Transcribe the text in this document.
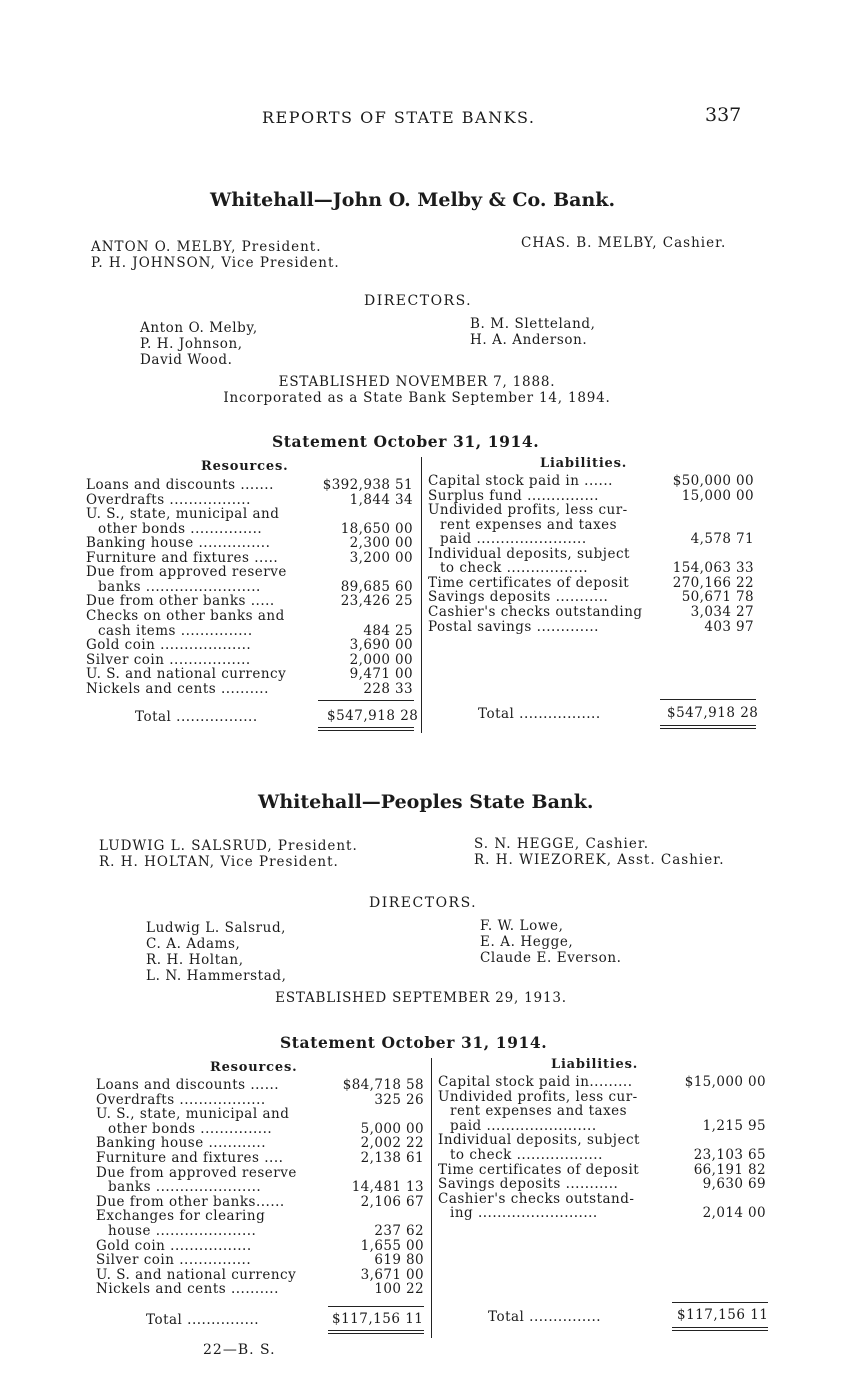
REPORTS OF STATE BANKS.	337
Whitehall—John O. Melby & Co. Bank.
ANTON O. MELBY, President.
P. H. JOHNSON, Vice President.
CHAS. B. MELBY, Cashier.
DIRECTORS.
Anton O. Melby,
P. H. Johnson,
David Wood.
B. M. Sletteland,
H. A. Anderson.
ESTABLISHED NOVEMBER 7, 1888.
Incorporated as a State Bank September 14, 1894.
Statement October 31, 1914.
Resources.	Liabilities.
Loans and discounts .......	$392,938 51
Overdrafts .................	1,844 34
U. S., state, municipal and
other bonds ...............	18,650 00
Banking house ...............	2,300 00
Furniture and fixtures .....	3,200 00
Due from approved reserve
banks ........................	89,685 60
Due from other banks .....	23,426 25
Checks on other banks and
cash items ...............	484 25
Gold coin ...................	3,690 00
Silver coin .................	2,000 00
U. S. and national currency	9,471 00
Nickels and cents ..........	228 33
Capital stock paid in ......	$50,000 00
Surplus fund ...............	15,000 00
Undivided profits, less cur-
rent expenses and taxes
paid .......................	4,578 71
Individual deposits, subject
to check .................	154,063 33
Time certificates of deposit	270,166 22
Savings deposits ...........	50,671 78
Cashier's checks outstanding	3,034 27
Postal savings .............	403 97
Total .................	$547,918 28	Total .................	$547,918 28
Whitehall—Peoples State Bank.
LUDWIG L. SALSRUD, President.
R. H. HOLTAN, Vice President.
S. N. HEGGE, Cashier.
R. H. WIEZOREK, Asst. Cashier.
DIRECTORS.
Ludwig L. Salsrud,
C. A. Adams,
R. H. Holtan,
L. N. Hammerstad,
F. W. Lowe,
E. A. Hegge,
Claude E. Everson.
ESTABLISHED SEPTEMBER 29, 1913.
Statement October 31, 1914.
Resources.	Liabilities.
Loans and discounts ......	$84,718 58
Overdrafts ..................	325 26
U. S., state, municipal and
other bonds ...............	5,000 00
Banking house ............	2,002 22
Furniture and fixtures ....	2,138 61
Due from approved reserve
banks ......................	14,481 13
Due from other banks......	2,106 67
Exchanges for clearing
house .....................	237 62
Gold coin .................	1,655 00
Silver coin ...............	619 80
U. S. and national currency	3,671 00
Nickels and cents ..........	100 22
Capital stock paid in.........	$15,000 00
Undivided profits, less cur-
rent expenses and taxes
paid .......................	1,215 95
Individual deposits, subject
to check ..................	23,103 65
Time certificates of deposit	66,191 82
Savings deposits ...........	9,630 69
Cashier's checks outstand-
ing .........................	2,014 00
Total ...............	$117,156 11	Total ...............	$117,156 11
22—B. S.
